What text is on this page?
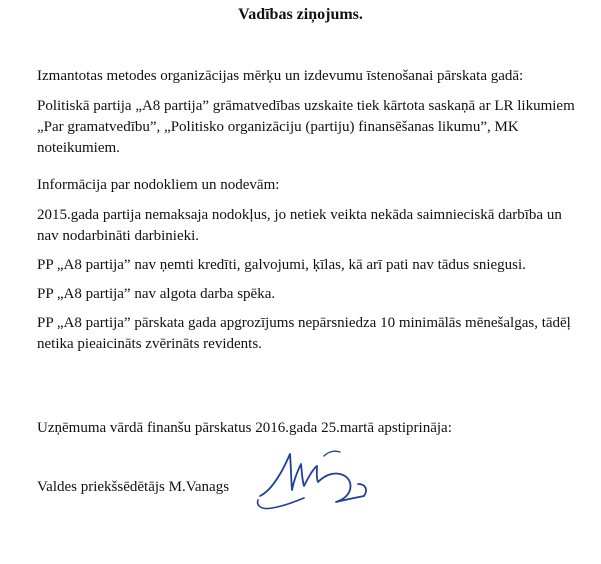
Vadības ziņojums.

Izmantotas metodes organizācijas mērķu un izdevumu īstenošanai pārskata gadā:

Politiskā partija „A8 partija” grāmatvedības uzskaite tiek kārtota saskaņā ar LR likumiem „Par gramatvedību”, „Politisko organizāciju (partiju) finansēšanas likumu”, MK noteikumiem.

Informācija par nodokliem un nodevām:

2015.gada partija nemaksaja nodokļus, jo netiek veikta nekāda saimnieciskā darbība un nav nodarbināti darbinieki.

PP „A8 partija” nav ņemti kredīti, galvojumi, ķīlas, kā arī pati nav tādus sniegusi.

PP „A8 partija” nav algota darba spēka.

PP „A8 partija” pārskata gada apgrozījums nepārsniedza 10 minimālās mēnešalgas, tādēļ netika pieaicināts zvērināts revidents.

Uzņēmuma vārdā finanšu pārskatus 2016.gada 25.martā apstiprināja:

Valdes priekšsēdētājs M.Vanags
